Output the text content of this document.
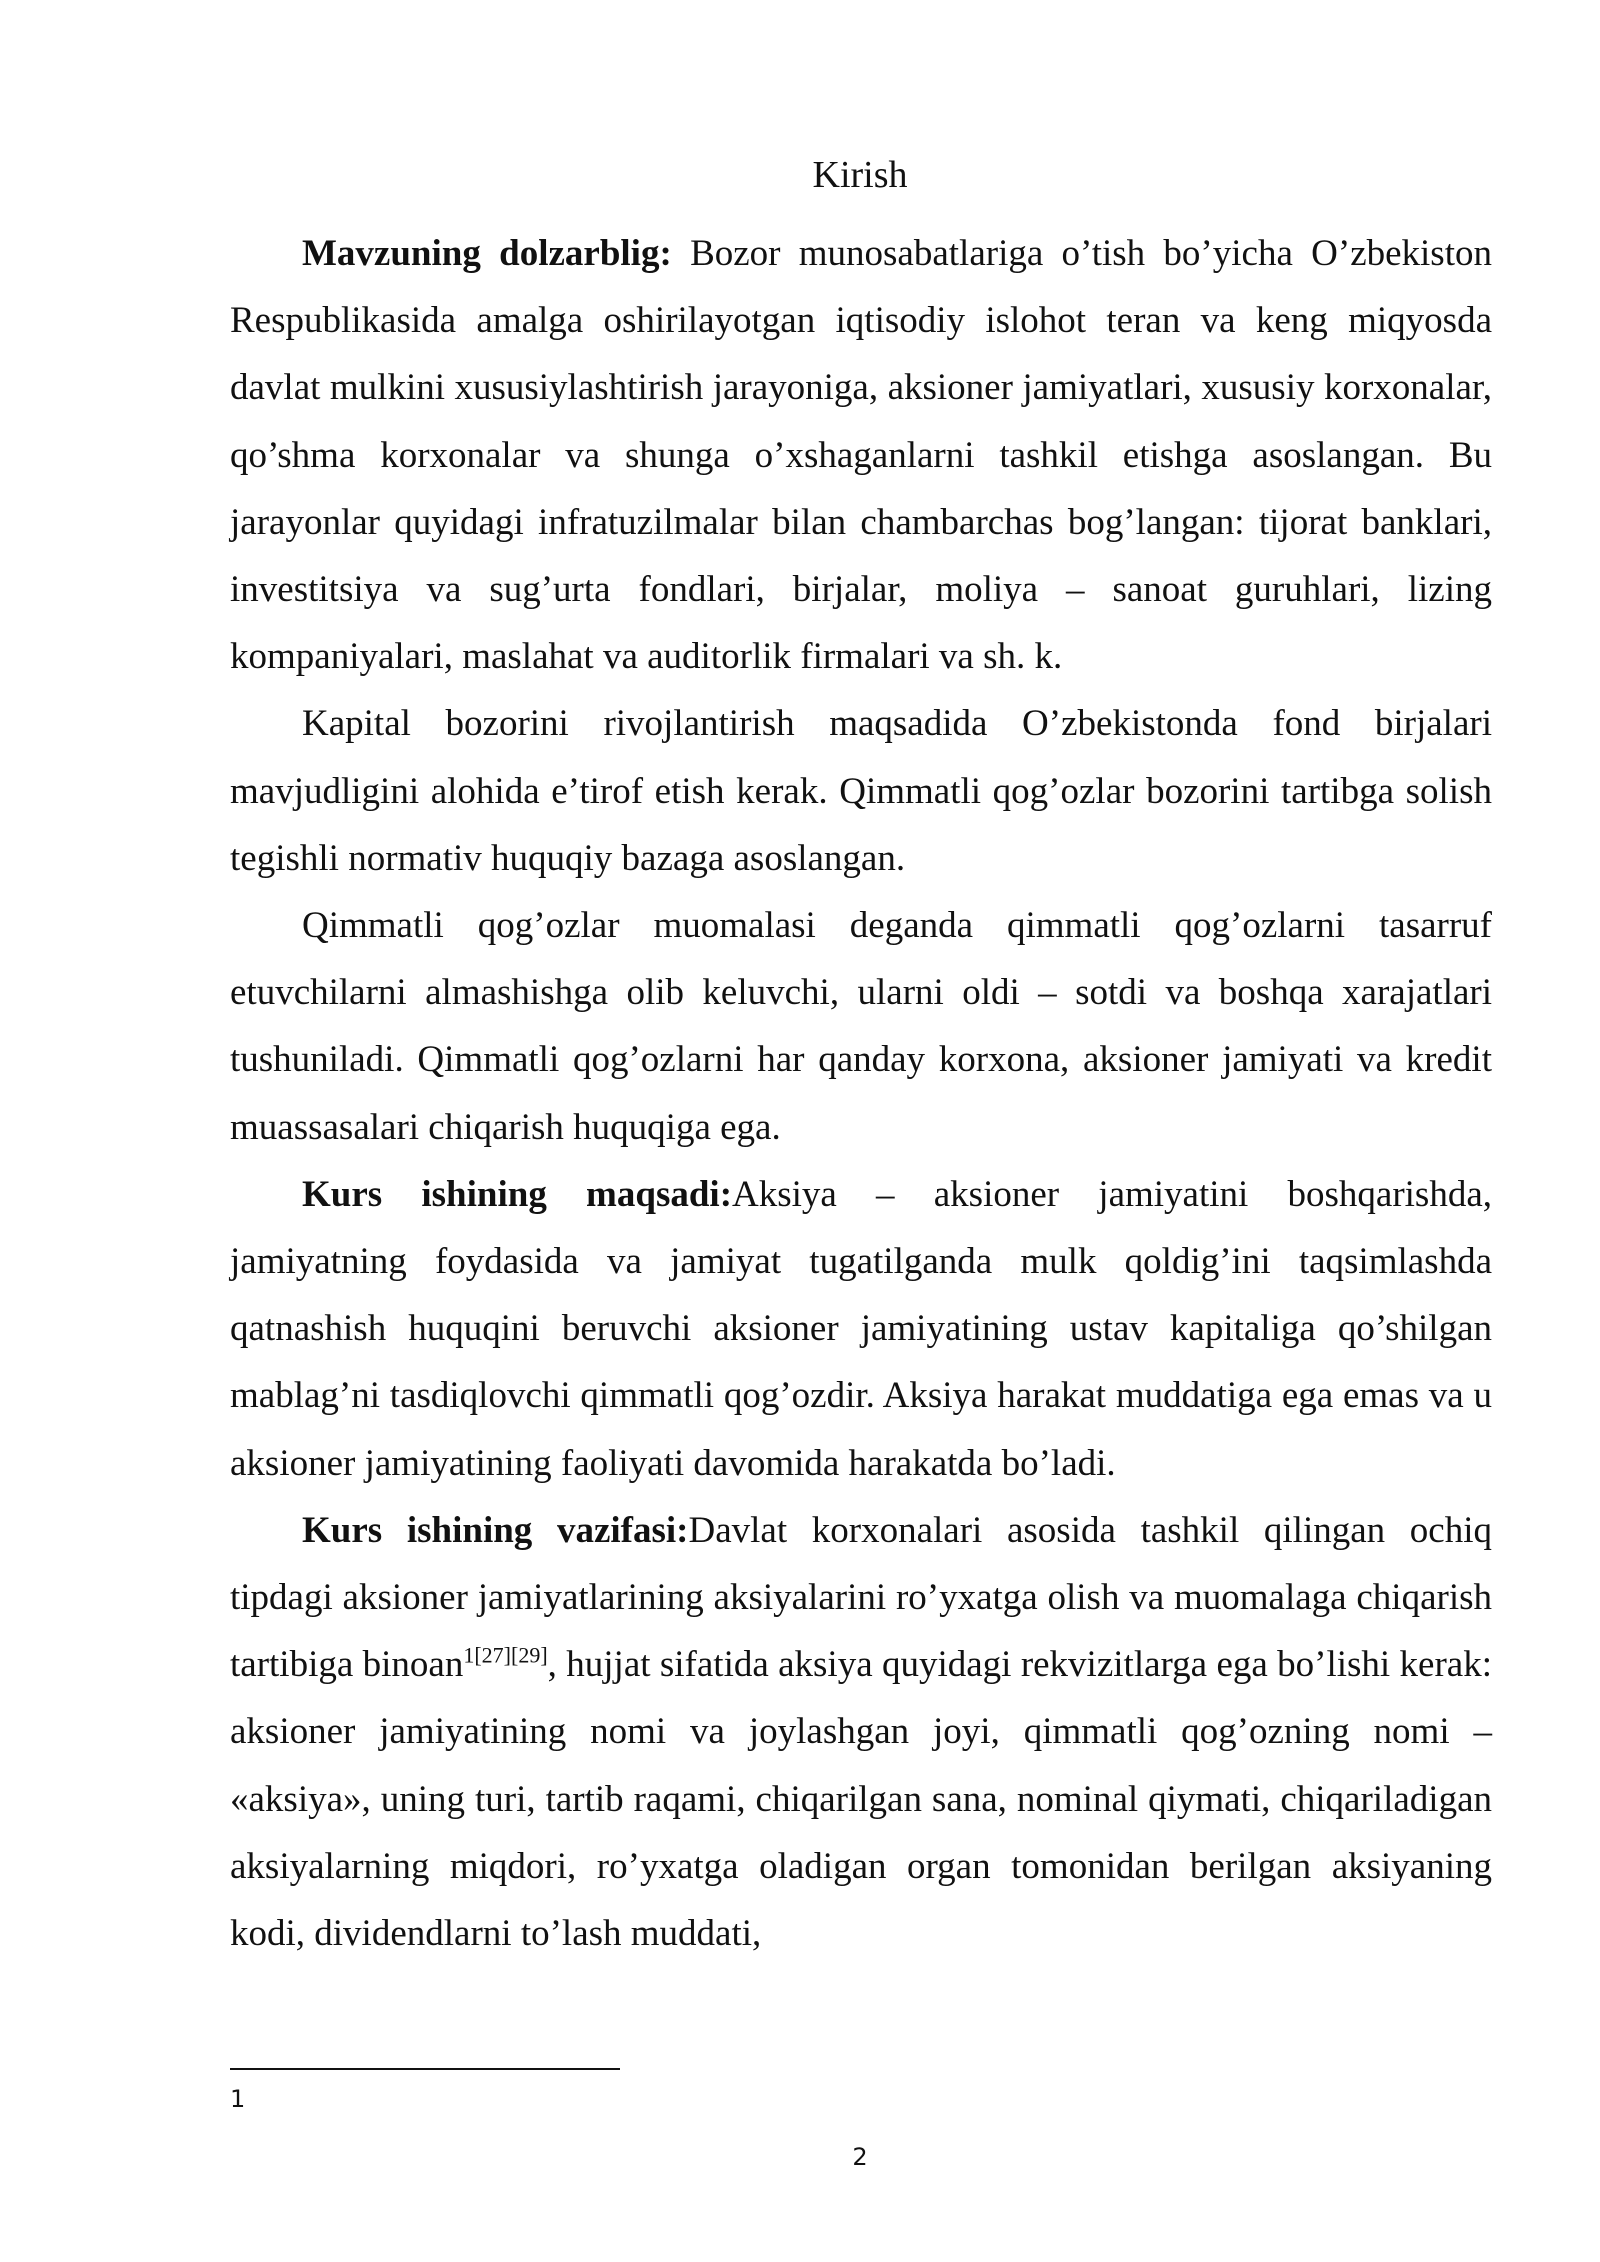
Kirish

Mavzuning dolzarblig: Bozor munosabatlariga o’tish bo’yicha O’zbekiston Respublikasida amalga oshirilayotgan iqtisodiy islohot teran va keng miqyosda davlat mulkini xususiylashtirish jarayoniga, aksioner jamiyatlari, xususiy korxonalar, qo’shma korxonalar va shunga o’xshaganlarni tashkil etishga asoslangan. Bu jarayonlar quyidagi infratuzilmalar bilan chambarchas bog’langan: tijorat banklari, investitsiya va sug’urta fondlari, birjalar, moliya – sanoat guruhlari, lizing kompaniyalari, maslahat va auditorlik firmalari va sh. k.

Kapital bozorini rivojlantirish maqsadida O’zbekistonda fond birjalari mavjudligini alohida e’tirof etish kerak. Qimmatli qog’ozlar bozorini tartibga solish tegishli normativ huquqiy bazaga asoslangan.

Qimmatli qog’ozlar muomalasi deganda qimmatli qog’ozlarni tasarruf etuvchilarni almashishga olib keluvchi, ularni oldi – sotdi va boshqa xarajatlari tushuniladi. Qimmatli qog’ozlarni har qanday korxona, aksioner jamiyati va kredit muassasalari chiqarish huquqiga ega.

Kurs ishining maqsadi:Aksiya – aksioner jamiyatini boshqarishda, jamiyatning foydasida va jamiyat tugatilganda mulk qoldig’ini taqsimlashda qatnashish huquqini beruvchi aksioner jamiyatining ustav kapitaliga qo’shilgan mablag’ni tasdiqlovchi qimmatli qog’ozdir. Aksiya harakat muddatiga ega emas va u aksioner jamiyatining faoliyati davomida harakatda bo’ladi.

Kurs ishining vazifasi:Davlat korxonalari asosida tashkil qilingan ochiq tipdagi aksioner jamiyatlarining aksiyalarini ro’yxatga olish va muomalaga chiqarish tartibiga binoan$^{1[27][29]}$, hujjat sifatida aksiya quyidagi rekvizitlarga ega bo’lishi kerak: aksioner jamiyatining nomi va joylashgan joyi, qimmatli qog’ozning nomi – «aksiya», uning turi, tartib raqami, chiqarilgan sana, nominal qiymati, chiqariladigan aksiyalarning miqdori, ro’yxatga oladigan organ tomonidan berilgan aksiyaning kodi, dividendlarni to’lash muddati,

1
2
